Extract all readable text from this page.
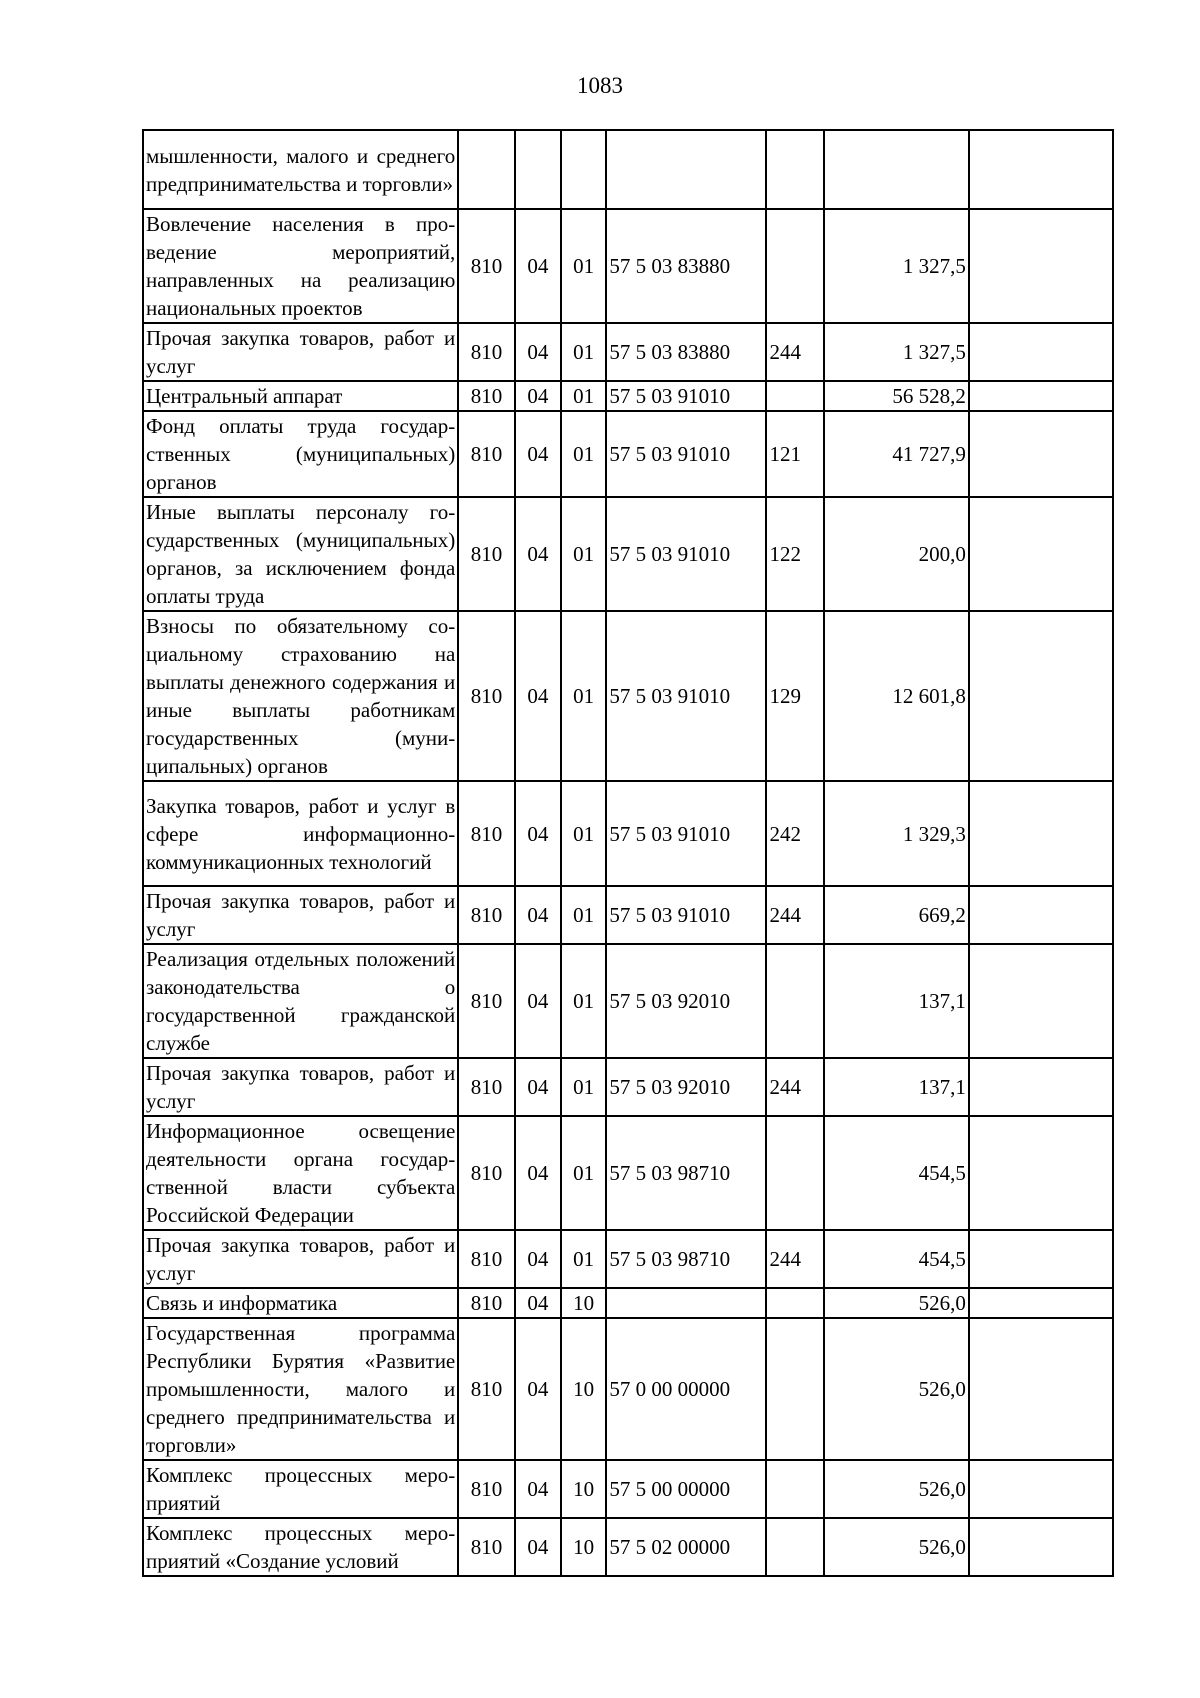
1083
мышленности, малого и среднего предпринимательства и торговли»							
Вовлечение населения в проведение мероприятий, направленных на реализацию национальных проектов	810	04	01	57 5 03 83880		1 327,5	
Прочая закупка товаров, работ и услуг	810	04	01	57 5 03 83880	244	1 327,5	
Центральный аппарат	810	04	01	57 5 03 91010		56 528,2	
Фонд оплаты труда государственных (муниципальных) органов	810	04	01	57 5 03 91010	121	41 727,9	
Иные выплаты персоналу государственных (муниципальных) органов, за исключением фонда оплаты труда	810	04	01	57 5 03 91010	122	200,0	
Взносы по обязательному социальному страхованию на выплаты денежного содержания и иные выплаты работникам государственных (муниципальных) органов	810	04	01	57 5 03 91010	129	12 601,8	
Закупка товаров, работ и услуг в сфере информационно-коммуникационных технологий	810	04	01	57 5 03 91010	242	1 329,3	
Прочая закупка товаров, работ и услуг	810	04	01	57 5 03 91010	244	669,2	
Реализация отдельных положений законодательства о государственной гражданской службе	810	04	01	57 5 03 92010		137,1	
Прочая закупка товаров, работ и услуг	810	04	01	57 5 03 92010	244	137,1	
Информационное освещение деятельности органа государственной власти субъекта Российской Федерации	810	04	01	57 5 03 98710		454,5	
Прочая закупка товаров, работ и услуг	810	04	01	57 5 03 98710	244	454,5	
Связь и информатика	810	04	10			526,0	
Государственная программа Республики Бурятия «Развитие промышленности, малого и среднего предпринимательства и торговли»	810	04	10	57 0 00 00000		526,0	
Комплекс процессных мероприятий	810	04	10	57 5 00 00000		526,0	
Комплекс процессных мероприятий «Создание условий	810	04	10	57 5 02 00000		526,0	
